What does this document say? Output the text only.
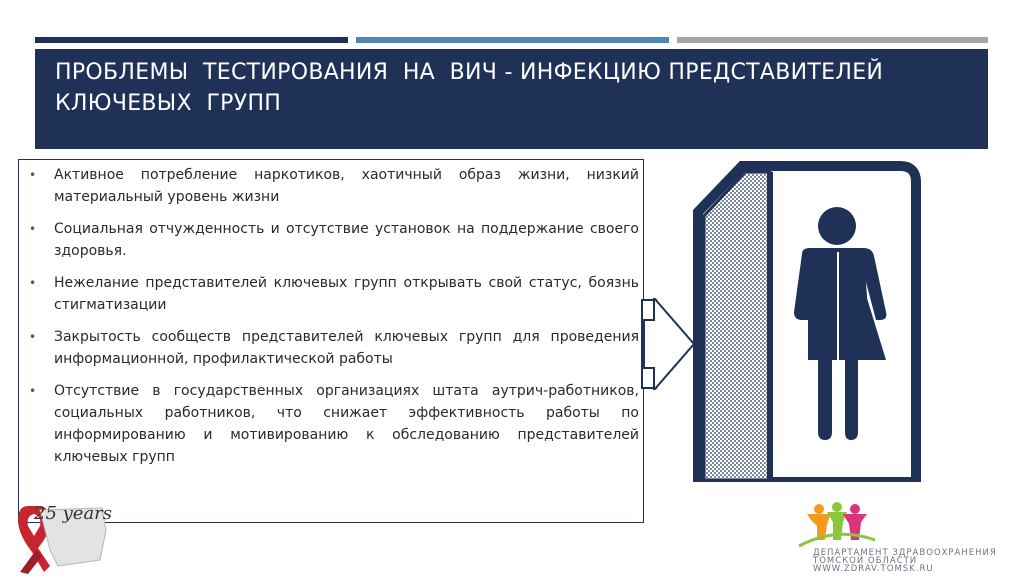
ПРОБЛЕМЫ  ТЕСТИРОВАНИЯ  НА  ВИЧ - ИНФЕКЦИЮ ПРЕДСТАВИТЕЛЕЙ
КЛЮЧЕВЫХ  ГРУПП
• Активное потребление наркотиков, хаотичный образ жизни, низкий материальный уровень жизни
• Социальная отчужденность и отсутствие установок на поддержание своего здоровья.
• Нежелание представителей ключевых групп открывать свой статус, боязнь стигматизации
• Закрытость сообществ представителей ключевых групп для проведения информационной, профилактической работы
• Отсутствие в государственных организациях штата аутрич-работников, социальных работников, что снижает эффективность работы по информированию и мотивированию к обследованию представителей ключевых групп
25 years
ДЕПАРТАМЕНТ ЗДРАВООХРАНЕНИЯ
ТОМСКОЙ ОБЛАСТИ
WWW.ZDRAV.TOMSK.RU
